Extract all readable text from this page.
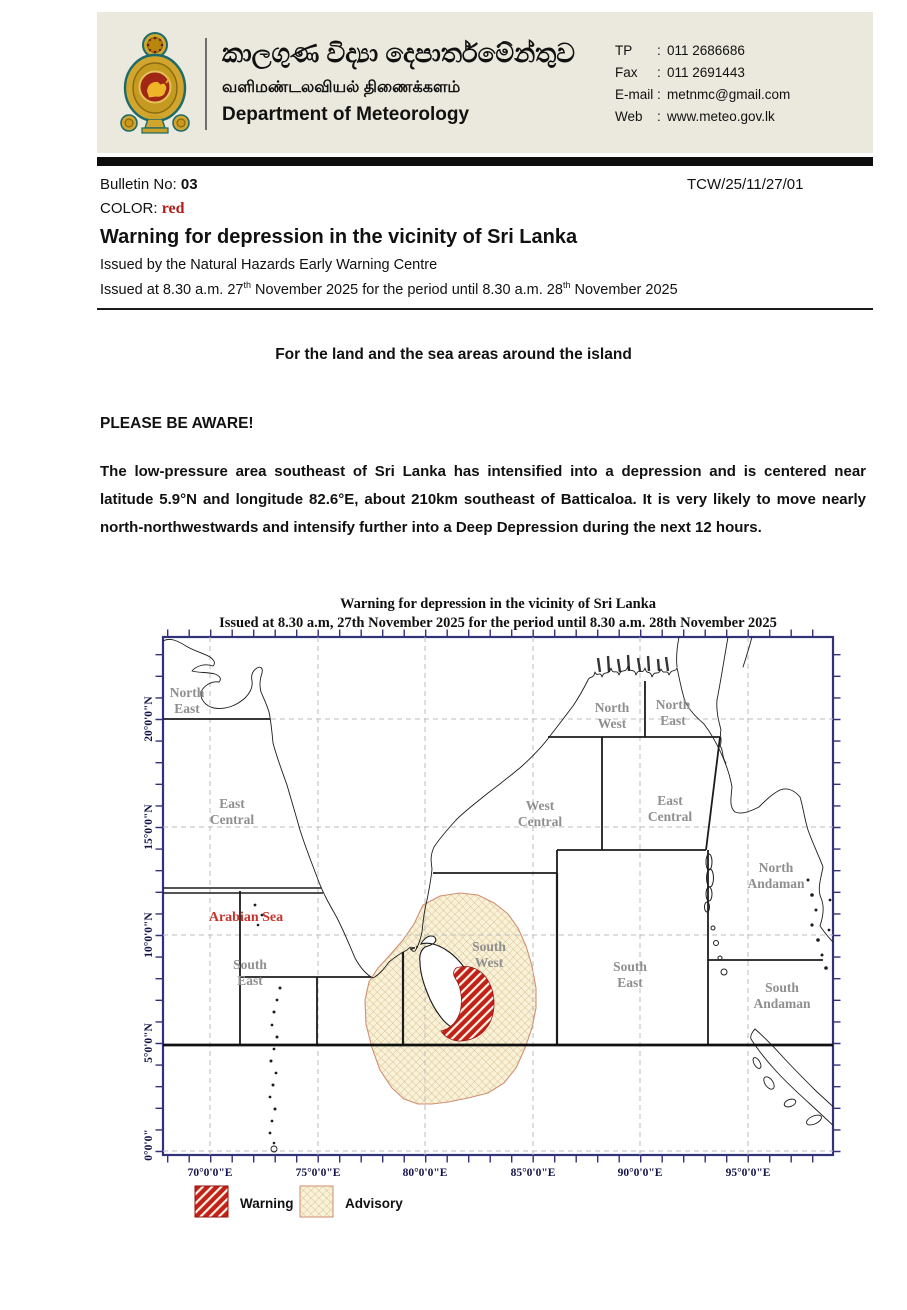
කාලගුණ විද්‍යා දෙපාර්තමේන්තුව
வளிமண்டலவியல் திணைக்களம்
Department of Meteorology
TP	: 011 2686686
Fax	: 011 2691443
E-mail : metnmc@gmail.com
Web	: www.meteo.gov.lk
Bulletin No: 03	TCW/25/11/27/01
COLOR: red
Warning for depression in the vicinity of Sri Lanka
Issued by the Natural Hazards Early Warning Centre
Issued at 8.30 a.m. 27th November 2025 for the period until 8.30 a.m. 28th November 2025
For the land and the sea areas around the island
PLEASE BE AWARE!
The low-pressure area southeast of Sri Lanka has intensified into a depression and is centered near latitude 5.9°N and longitude 82.6°E, about 210km southeast of Batticaloa. It is very likely to move nearly north-northwestwards and intensify further into a Deep Depression during the next 12 hours.
Warning for depression in the vicinity of Sri Lanka
Issued at 8.30 a.m, 27th November 2025 for the period until 8.30 a.m. 28th November 2025
North East
East Central
South East
North West
North East
West Central
East Central
North Andaman
South West	South East	South Andaman
Arabian Sea
70°0'0"E	75°0'0"E	80°0'0"E	85°0'0"E	90°0'0"E	95°0'0"E
20°0'0"N
15°0'0"N
10°0'0"N
5°0'0"N
0°0'0"
Warning	Advisory
